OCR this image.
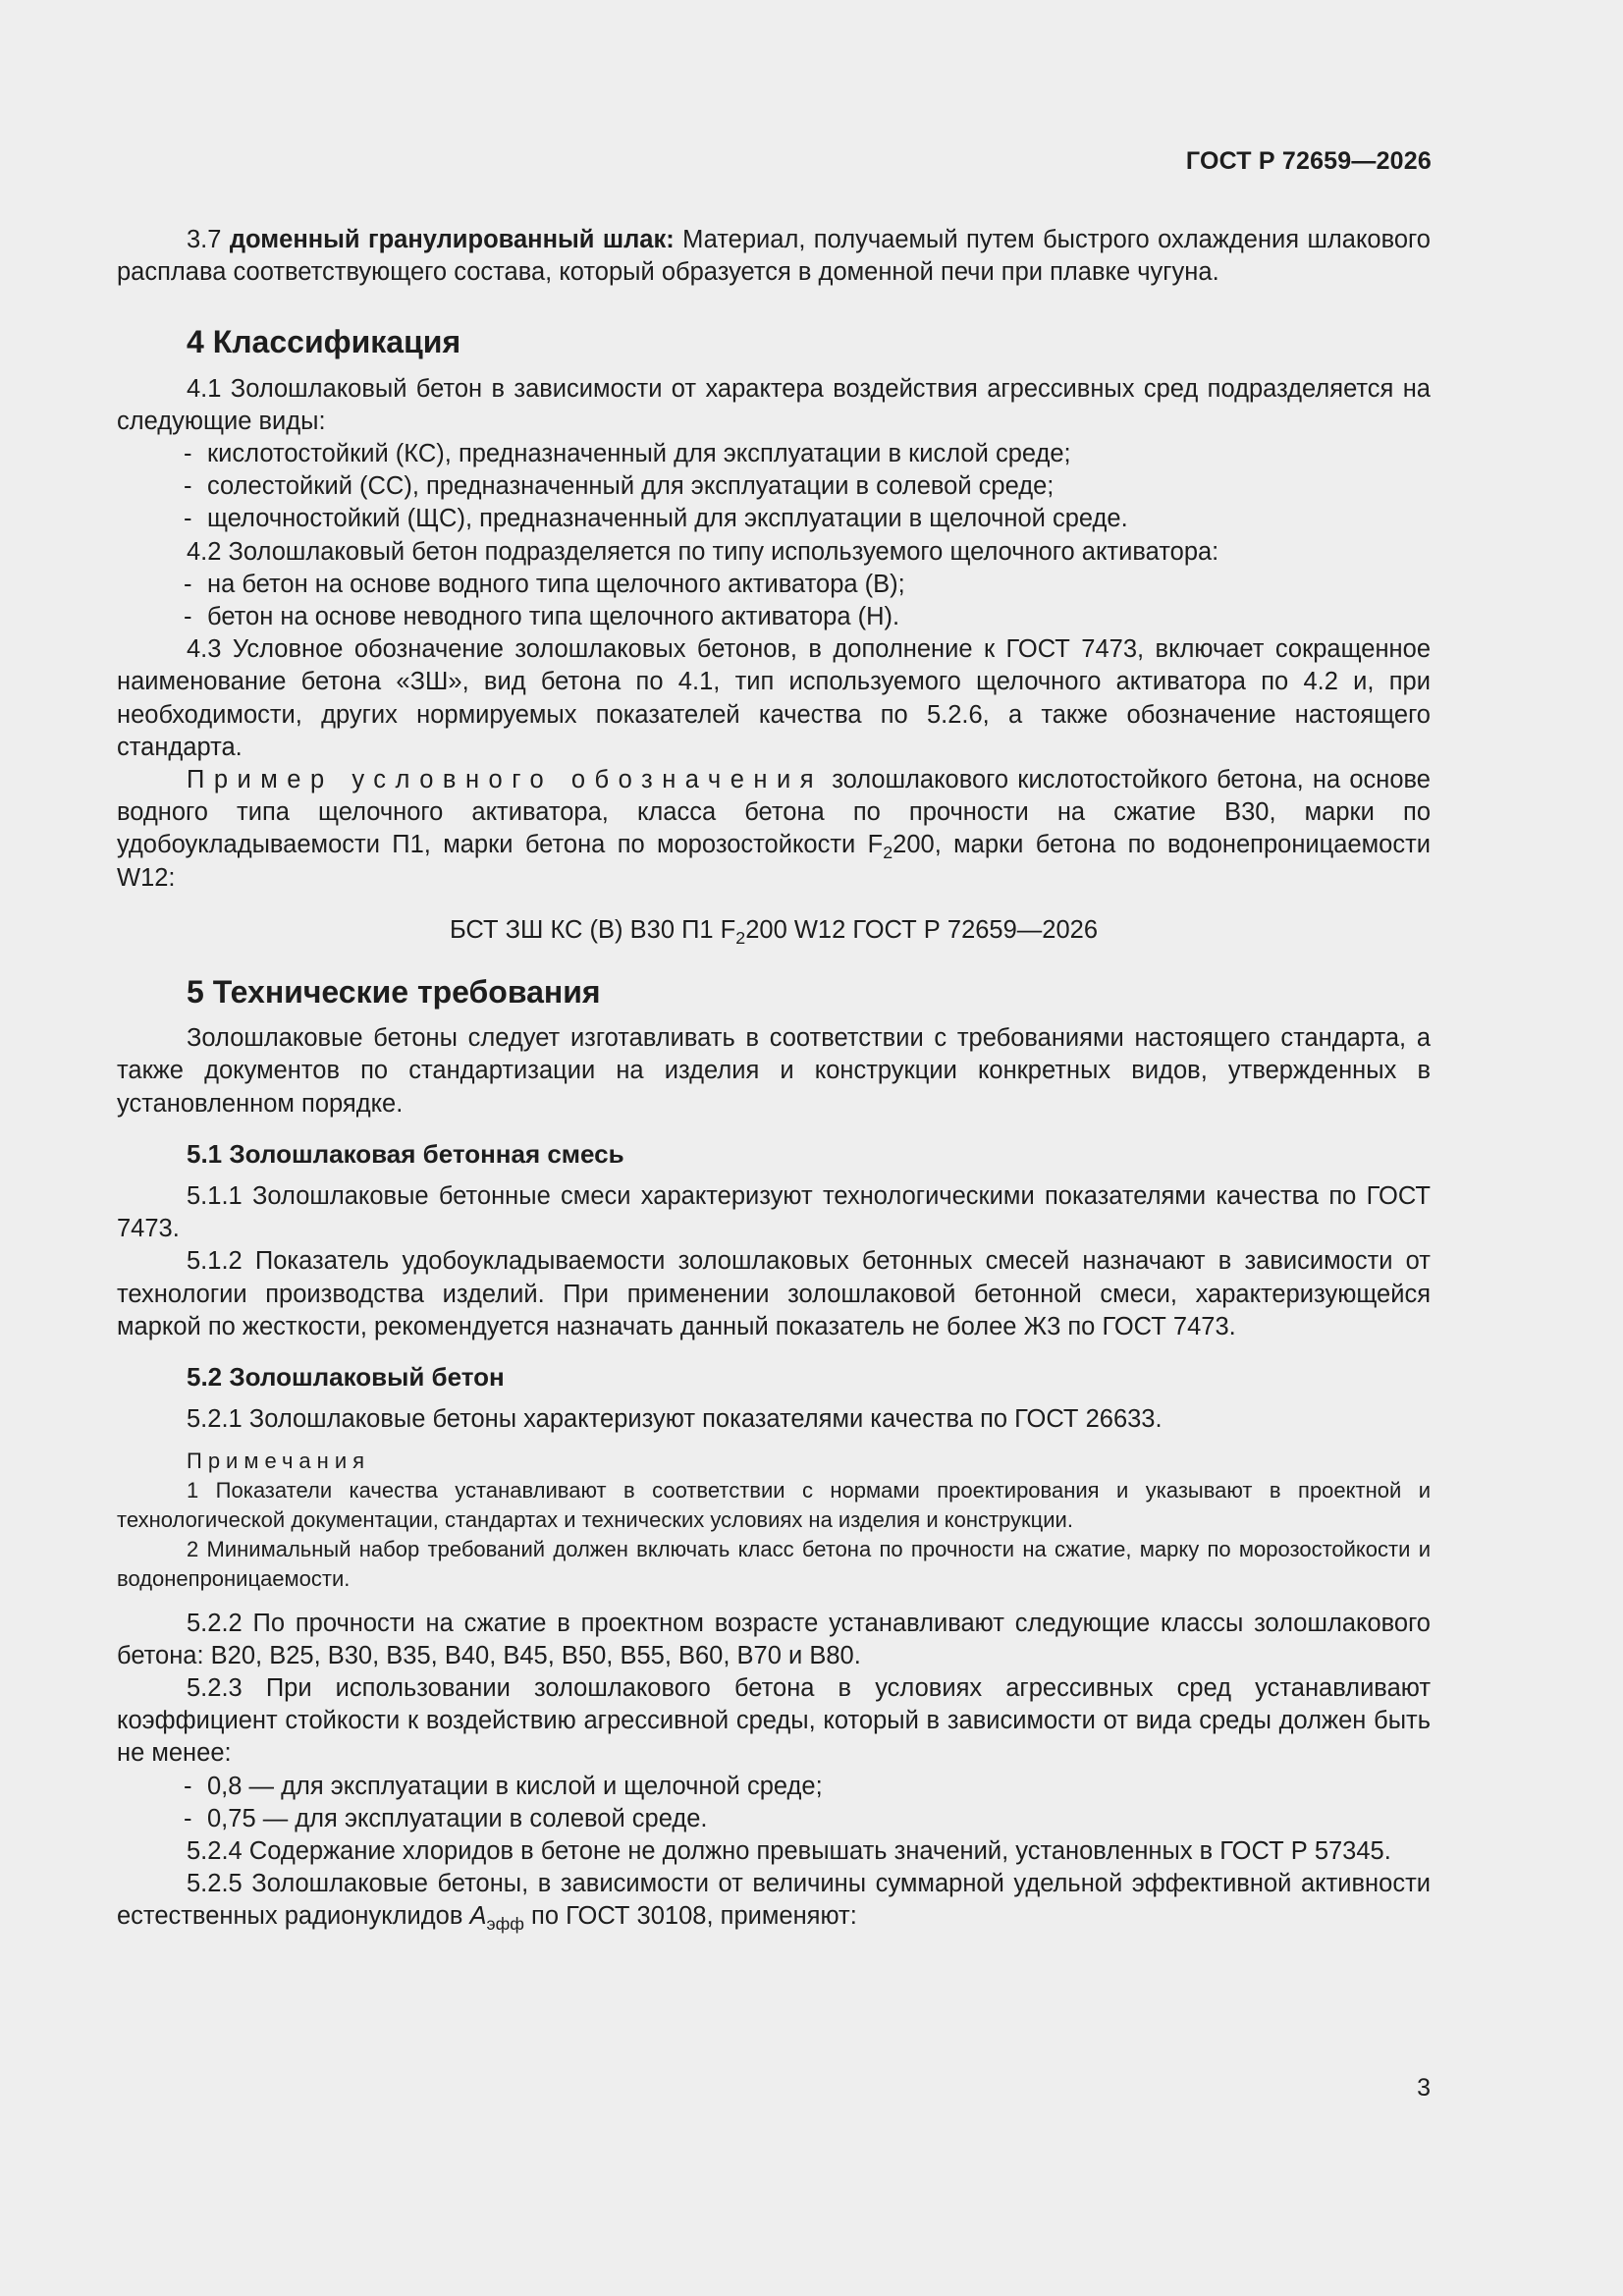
ГОСТ Р 72659—2026

3.7 доменный гранулированный шлак: Материал, получаемый путем быстрого охлаждения шлакового расплава соответствующего состава, который образуется в доменной печи при плавке чугуна.

4 Классификация

4.1 Золошлаковый бетон в зависимости от характера воздействия агрессивных сред подразделяется на следующие виды:

- кислотостойкий (КС), предназначенный для эксплуатации в кислой среде;

- солестойкий (СС), предназначенный для эксплуатации в солевой среде;

- щелочностойкий (ЩС), предназначенный для эксплуатации в щелочной среде.

4.2 Золошлаковый бетон подразделяется по типу используемого щелочного активатора:

- на бетон на основе водного типа щелочного активатора (В);

- бетон на основе неводного типа щелочного активатора (Н).

4.3 Условное обозначение золошлаковых бетонов, в дополнение к ГОСТ 7473, включает сокращенное наименование бетона «ЗШ», вид бетона по 4.1, тип используемого щелочного активатора по 4.2 и, при необходимости, других нормируемых показателей качества по 5.2.6, а также обозначение настоящего стандарта.

Пример условного обозначения золошлакового кислотостойкого бетона, на основе водного типа щелочного активатора, класса бетона по прочности на сжатие В30, марки по удобоукладываемости П1, марки бетона по морозостойкости $F_2200$, марки бетона по водонепроницаемости W12:

БСТ ЗШ КС (В) В30 П1 $F_2200$ W12 ГОСТ Р 72659—2026

5 Технические требования

Золошлаковые бетоны следует изготавливать в соответствии с требованиями настоящего стандарта, а также документов по стандартизации на изделия и конструкции конкретных видов, утвержденных в установленном порядке.

5.1 Золошлаковая бетонная смесь

5.1.1 Золошлаковые бетонные смеси характеризуют технологическими показателями качества по ГОСТ 7473.

5.1.2 Показатель удобоукладываемости золошлаковых бетонных смесей назначают в зависимости от технологии производства изделий. При применении золошлаковой бетонной смеси, характеризующейся маркой по жесткости, рекомендуется назначать данный показатель не более Ж3 по ГОСТ 7473.

5.2 Золошлаковый бетон

5.2.1 Золошлаковые бетоны характеризуют показателями качества по ГОСТ 26633.

Примечания

1 Показатели качества устанавливают в соответствии с нормами проектирования и указывают в проектной и технологической документации, стандартах и технических условиях на изделия и конструкции.

2 Минимальный набор требований должен включать класс бетона по прочности на сжатие, марку по морозостойкости и водонепроницаемости.

5.2.2 По прочности на сжатие в проектном возрасте устанавливают следующие классы золошлакового бетона: В20, В25, В30, В35, В40, В45, В50, В55, В60, В70 и В80.

5.2.3 При использовании золошлакового бетона в условиях агрессивных сред устанавливают коэффициент стойкости к воздействию агрессивной среды, который в зависимости от вида среды должен быть не менее:

- 0,8 — для эксплуатации в кислой и щелочной среде;

- 0,75 — для эксплуатации в солевой среде.

5.2.4 Содержание хлоридов в бетоне не должно превышать значений, установленных в ГОСТ Р 57345.

5.2.5 Золошлаковые бетоны, в зависимости от величины суммарной удельной эффективной активности естественных радионуклидов $А_{эфф}$ по ГОСТ 30108, применяют:

3
